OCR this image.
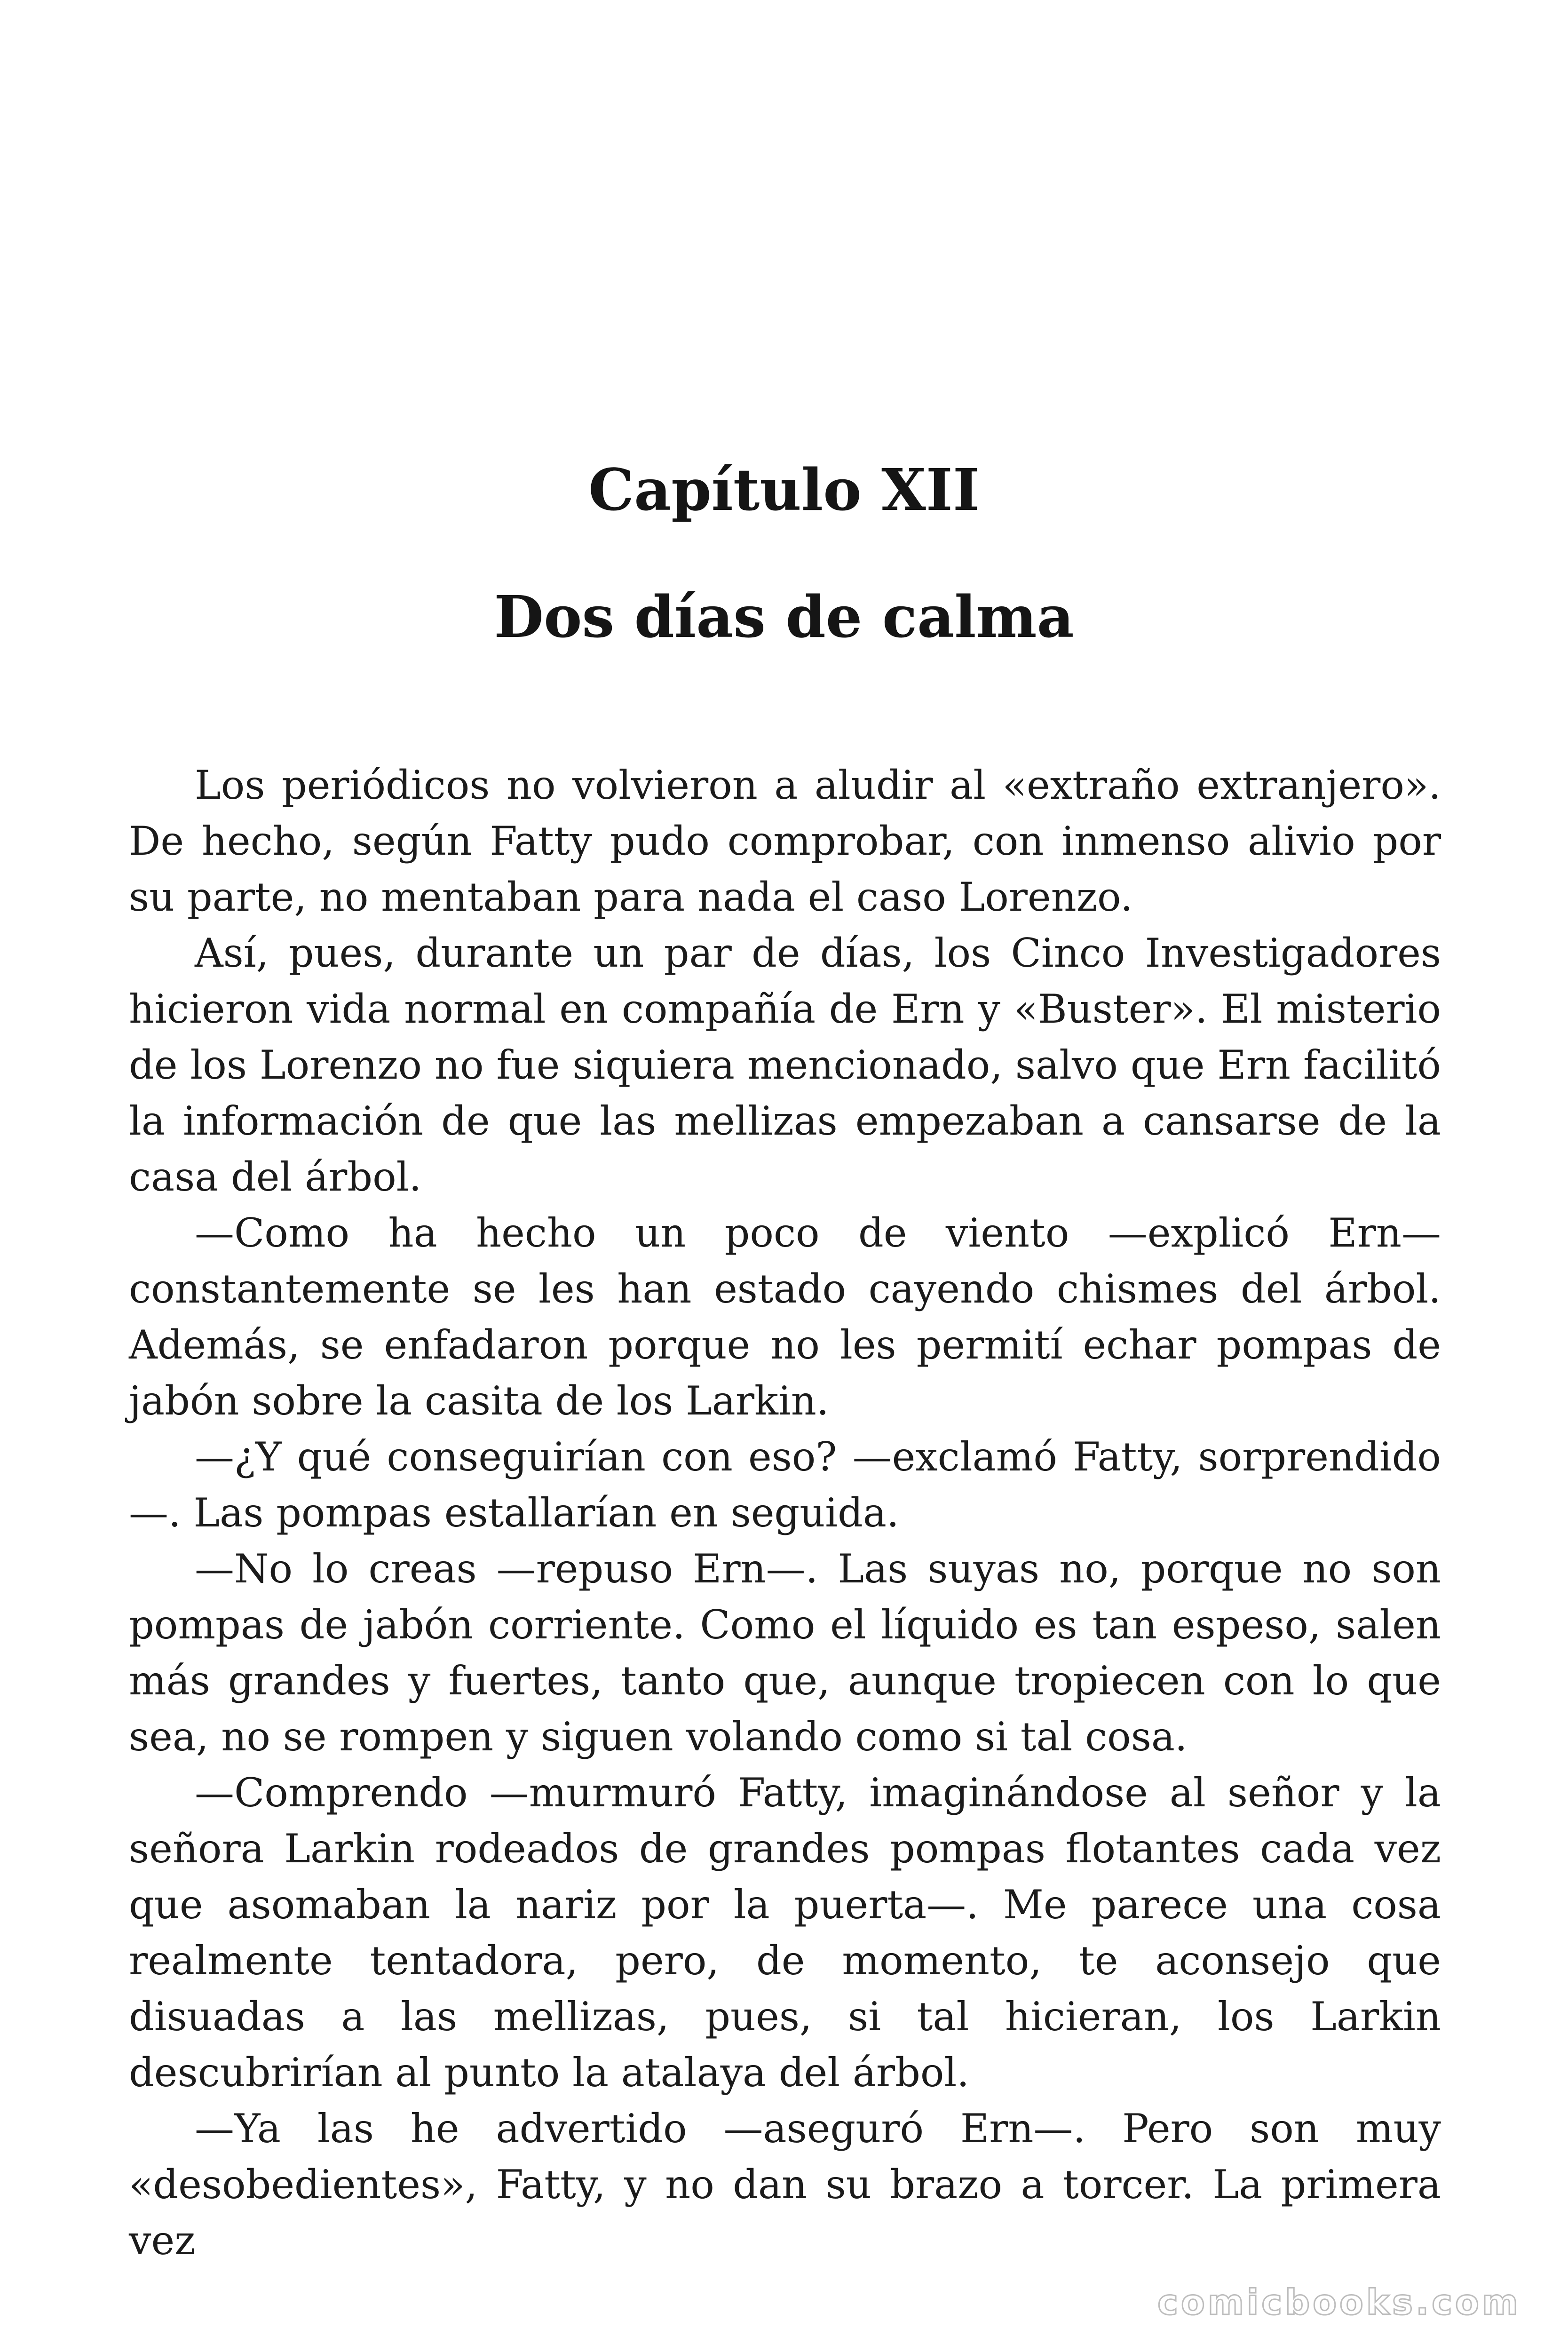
Capítulo XII
Dos días de calma

Los periódicos no volvieron a aludir al «extraño extranjero». De hecho, según Fatty pudo comprobar, con inmenso alivio por su parte, no mentaban para nada el caso Lorenzo.

Así, pues, durante un par de días, los Cinco Investigadores hicieron vida normal en compañía de Ern y «Buster». El misterio de los Lorenzo no fue siquiera mencionado, salvo que Ern facilitó la información de que las mellizas empezaban a cansarse de la casa del árbol.

—Como ha hecho un poco de viento —explicó Ern— constantemente se les han estado cayendo chismes del árbol. Además, se enfadaron porque no les permití echar pompas de jabón sobre la casita de los Larkin.

—¿Y qué conseguirían con eso? —exclamó Fatty, sorprendido—. Las pompas estallarían en seguida.

—No lo creas —repuso Ern—. Las suyas no, porque no son pompas de jabón corriente. Como el líquido es tan espeso, salen más grandes y fuertes, tanto que, aunque tropiecen con lo que sea, no se rompen y siguen volando como si tal cosa.

—Comprendo —murmuró Fatty, imaginándose al señor y la señora Larkin rodeados de grandes pompas flotantes cada vez que asomaban la nariz por la puerta—. Me parece una cosa realmente tentadora, pero, de momento, te aconsejo que disuadas a las mellizas, pues, si tal hicieran, los Larkin descubrirían al punto la atalaya del árbol.

—Ya las he advertido —aseguró Ern—. Pero son muy «desobedientes», Fatty, y no dan su brazo a torcer. La primera vez

comicbooks.com
